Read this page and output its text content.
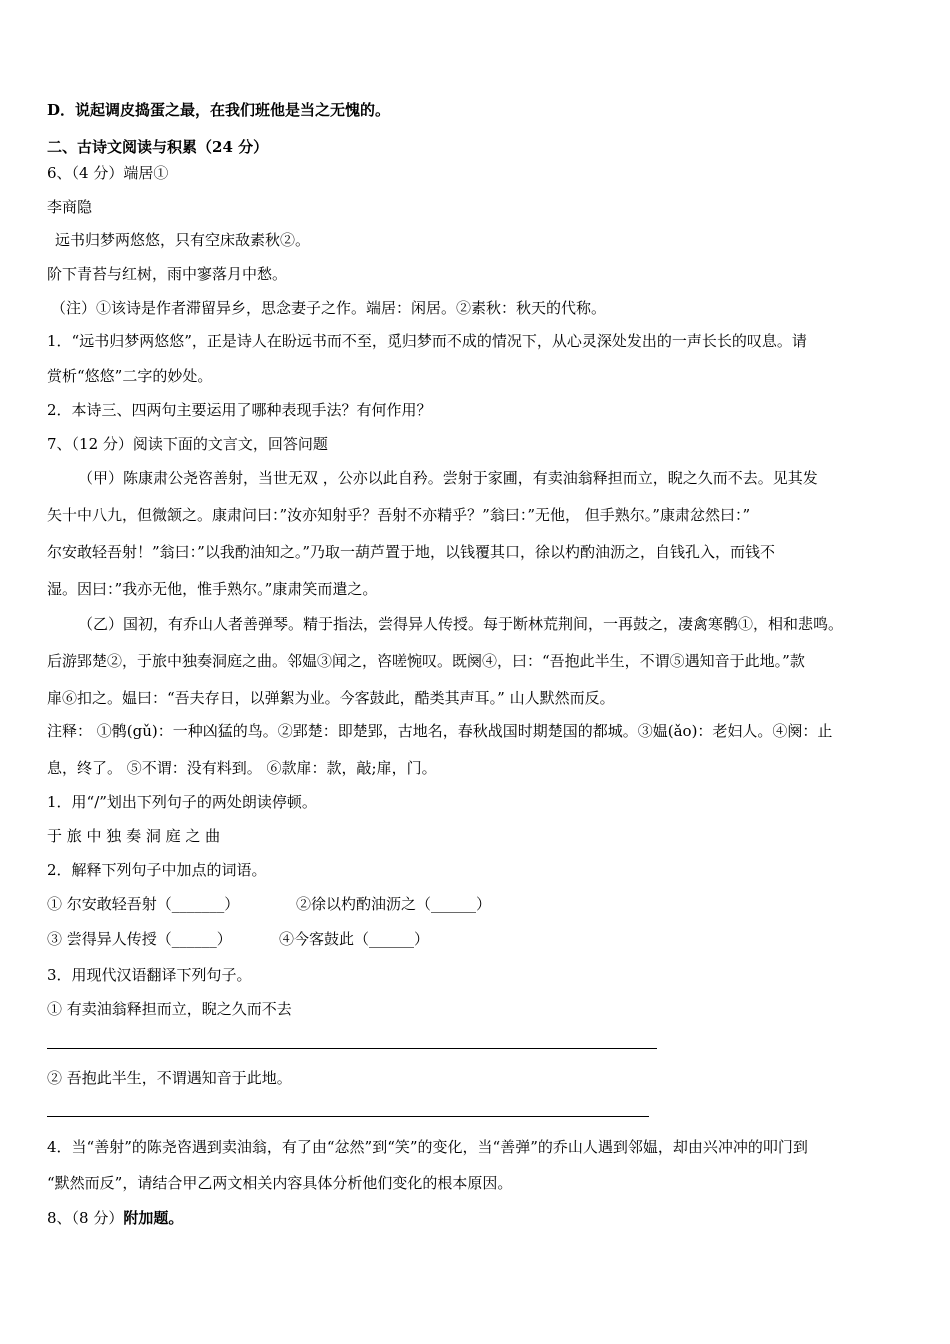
D．说起调皮捣蛋之最，在我们班他是当之无愧的。
二、古诗文阅读与积累（24 分）
6、（4 分）端居①
李商隐
远书归梦两悠悠，只有空床敌素秋②。
阶下青苔与红树，雨中寥落月中愁。
（注）①该诗是作者滞留异乡，思念妻子之作。端居：闲居。②素秋：秋天的代称。
1．“远书归梦两悠悠”，正是诗人在盼远书而不至，觅归梦而不成的情况下，从心灵深处发出的一声长长的叹息。请
赏析“悠悠”二字的妙处。
2．本诗三、四两句主要运用了哪种表现手法？有何作用？
7、（12 分）阅读下面的文言文，回答问题
（甲）陈康肃公尧咨善射，当世无双 ，公亦以此自矜。尝射于家圃，有卖油翁释担而立，睨之久而不去。见其发
矢十中八九，但微颔之。康肃问曰：”汝亦知射乎？吾射不亦精乎？”翁曰：”无他， 但手熟尔。”康肃忿然曰：”
尔安敢轻吾射！”翁曰：”以我酌油知之。”乃取一葫芦置于地，以钱覆其口，徐以杓酌油沥之，自钱孔入，而钱不
湿。因曰：”我亦无他，惟手熟尔。”康肃笑而遣之。
（乙）国初，有乔山人者善弹琴。精于指法，尝得异人传授。每于断林荒荆间，一再鼓之，凄禽寒鹘①，相和悲鸣。
后游郢楚②，于旅中独奏洞庭之曲。邻媪③闻之，咨嗟惋叹。既阕④，曰：“吾抱此半生，不谓⑤遇知音于此地。”款
扉⑥扣之。媪曰：“吾夫存日，以弹絮为业。今客鼓此，酷类其声耳。” 山人默然而反。
注释： ①鹘(gǔ)：一种凶猛的鸟。②郢楚：即楚郢，古地名，春秋战国时期楚国的都城。③媪(ǎo)：老妇人。④阕：止
息，终了。 ⑤不谓：没有料到。 ⑥款扉：款，敲;扉，门。
1．用“/”划出下列句子的两处朗读停顿。
于 旅 中 独 奏 洞 庭 之 曲
2．解释下列句子中加点的词语。
① 尔安敢轻吾射（_______）	②徐以杓酌油沥之（______）
③ 尝得异人传授（______）	④今客鼓此（______）
3．用现代汉语翻译下列句子。
① 有卖油翁释担而立，睨之久而不去
② 吾抱此半生，不谓遇知音于此地。
4．当“善射”的陈尧咨遇到卖油翁，有了由“忿然”到“笑”的变化，当“善弹”的乔山人遇到邻媪，却由兴冲冲的叩门到
“默然而反”，请结合甲乙两文相关内容具体分析他们变化的根本原因。
8、（8 分）附加题。
